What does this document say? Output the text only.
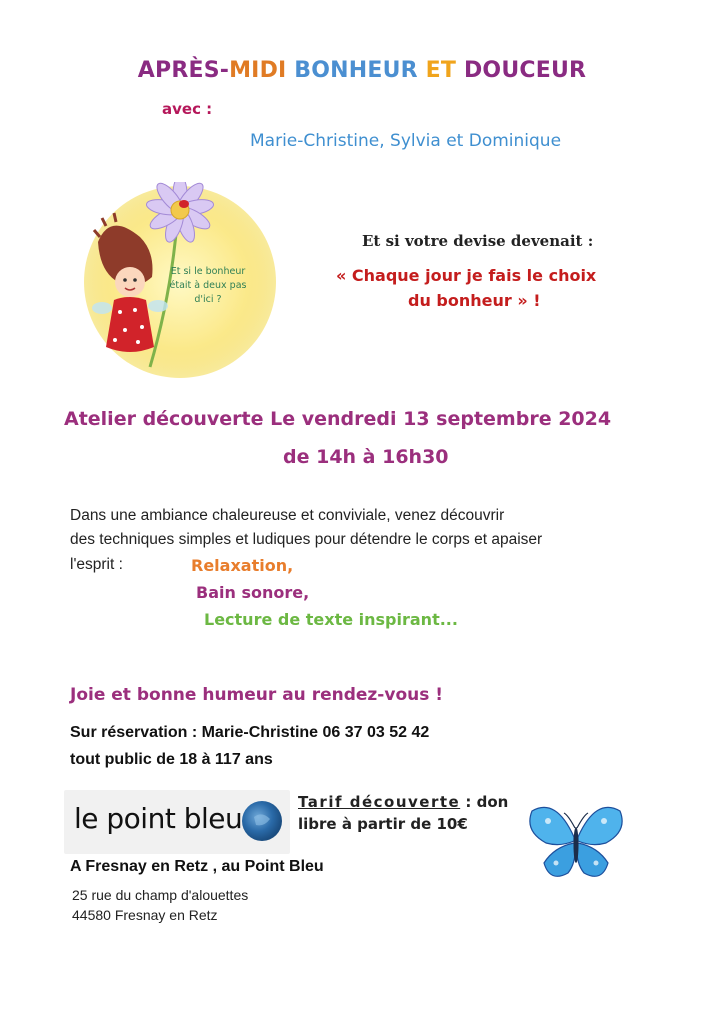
APRÈS-MIDI BONHEUR ET DOUCEUR
avec :
Marie-Christine, Sylvia et Dominique
Et si le bonheur
était à deux pas
d'ici ?
Et si votre devise devenait :
« Chaque jour je fais le choix
du bonheur » !
Atelier découverte Le vendredi 13 septembre 2024
de 14h à 16h30
Dans une ambiance chaleureuse et conviviale, venez découvrir
des techniques simples et ludiques pour détendre le corps et apaiser
l'esprit :	Relaxation,
Bain sonore,
Lecture de texte inspirant...
Joie et bonne humeur au rendez-vous !
Sur réservation : Marie-Christine 06 37 03 52 42
tout public de 18 à 117 ans
le point bleu	Tarif découverte : don
libre à partir de 10€
A Fresnay en Retz , au Point Bleu
25 rue du champ d'alouettes
44580 Fresnay en Retz
